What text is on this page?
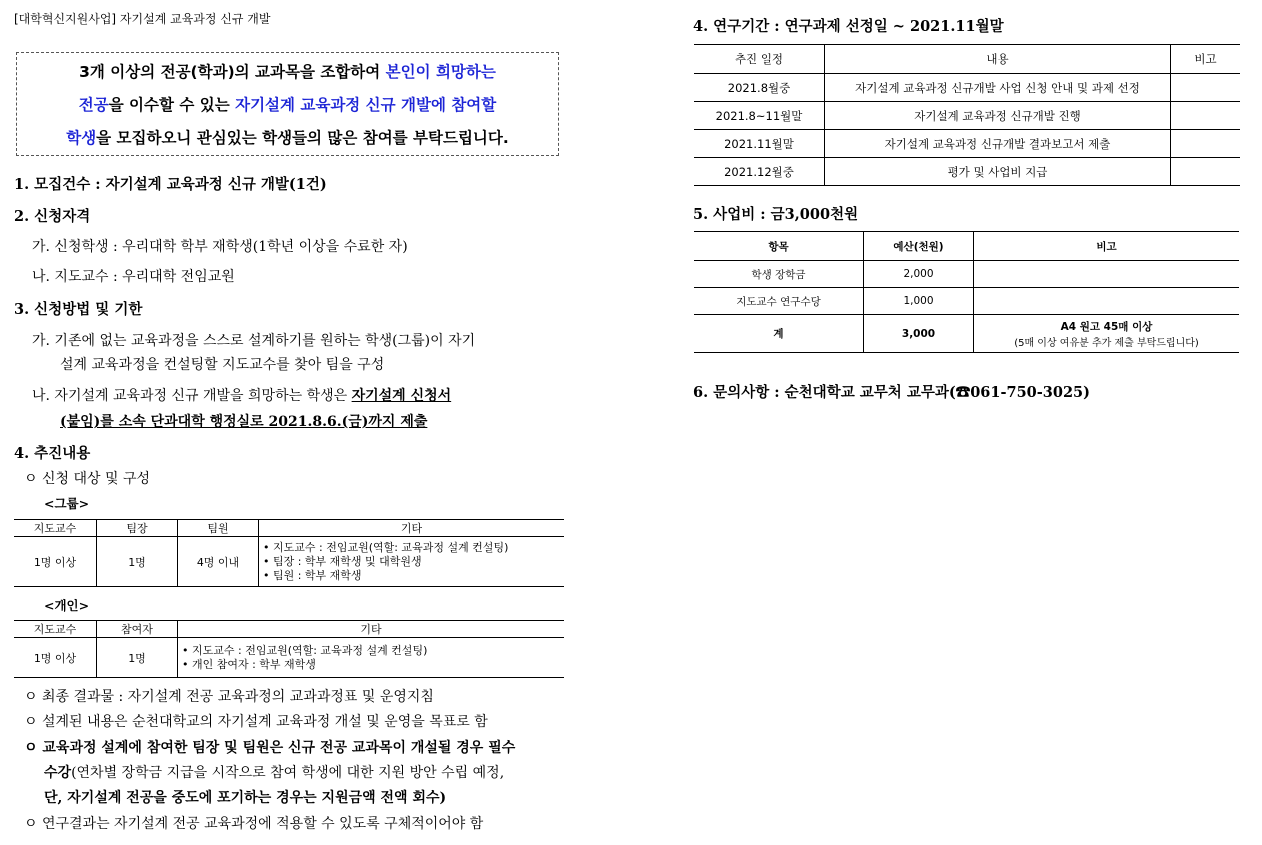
[대학혁신지원사업] 자기설계 교육과정 신규 개발
3개 이상의 전공(학과)의 교과목을 조합하여 본인이 희망하는
전공을 이수할 수 있는 자기설계 교육과정 신규 개발에 참여할
학생을 모집하오니 관심있는 학생들의 많은 참여를 부탁드립니다.
1. 모집건수 : 자기설계 교육과정 신규 개발(1건)
2. 신청자격
가. 신청학생 : 우리대학 학부 재학생(1학년 이상을 수료한 자)
나. 지도교수 : 우리대학 전임교원
3. 신청방법 및 기한
가. 기존에 없는 교육과정을 스스로 설계하기를 원하는 학생(그룹)이 자기
설계 교육과정을 컨설팅할 지도교수를 찾아 팀을 구성
나. 자기설계 교육과정 신규 개발을 희망하는 학생은 자기설계 신청서
(붙임)를 소속 단과대학 행정실로 2021.8.6.(금)까지 제출
4. 추진내용
ㅇ 신청 대상 및 구성
<그룹>
지도교수	팀장	팀원	기타
1명 이상	1명	4명 이내	• 지도교수 : 전임교원(역할: 교육과정 설계 컨설팅)
• 팀장 : 학부 재학생 및 대학원생
• 팀원 : 학부 재학생
<개인>
지도교수	참여자	기타
1명 이상	1명	• 지도교수 : 전임교원(역할: 교육과정 설계 컨설팅)
• 개인 참여자 : 학부 재학생
ㅇ 최종 결과물 : 자기설계 전공 교육과정의 교과과정표 및 운영지침
ㅇ 설계된 내용은 순천대학교의 자기설계 교육과정 개설 및 운영을 목표로 함
ㅇ 교육과정 설계에 참여한 팀장 및 팀원은 신규 전공 교과목이 개설될 경우 필수
수강(연차별 장학금 지급을 시작으로 참여 학생에 대한 지원 방안 수립 예정,
단, 자기설계 전공을 중도에 포기하는 경우는 지원금액 전액 회수)
ㅇ 연구결과는 자기설계 전공 교육과정에 적용할 수 있도록 구체적이어야 함
4. 연구기간 : 연구과제 선정일 ~ 2021.11월말
추진 일정	내용	비고
2021.8월중	자기설계 교육과정 신규개발 사업 신청 안내 및 과제 선정	
2021.8~11월말	자기설계 교육과정 신규개발 진행	
2021.11월말	자기설계 교육과정 신규개발 결과보고서 제출	
2021.12월중	평가 및 사업비 지급	
5. 사업비 : 금3,000천원
항목	예산(천원)	비고
학생 장학금	2,000	
지도교수 연구수당	1,000	
계	3,000	A4 원고 45매 이상
(5매 이상 여유분 추가 제출 부탁드립니다)
6. 문의사항 : 순천대학교 교무처 교무과(☎061-750-3025)
